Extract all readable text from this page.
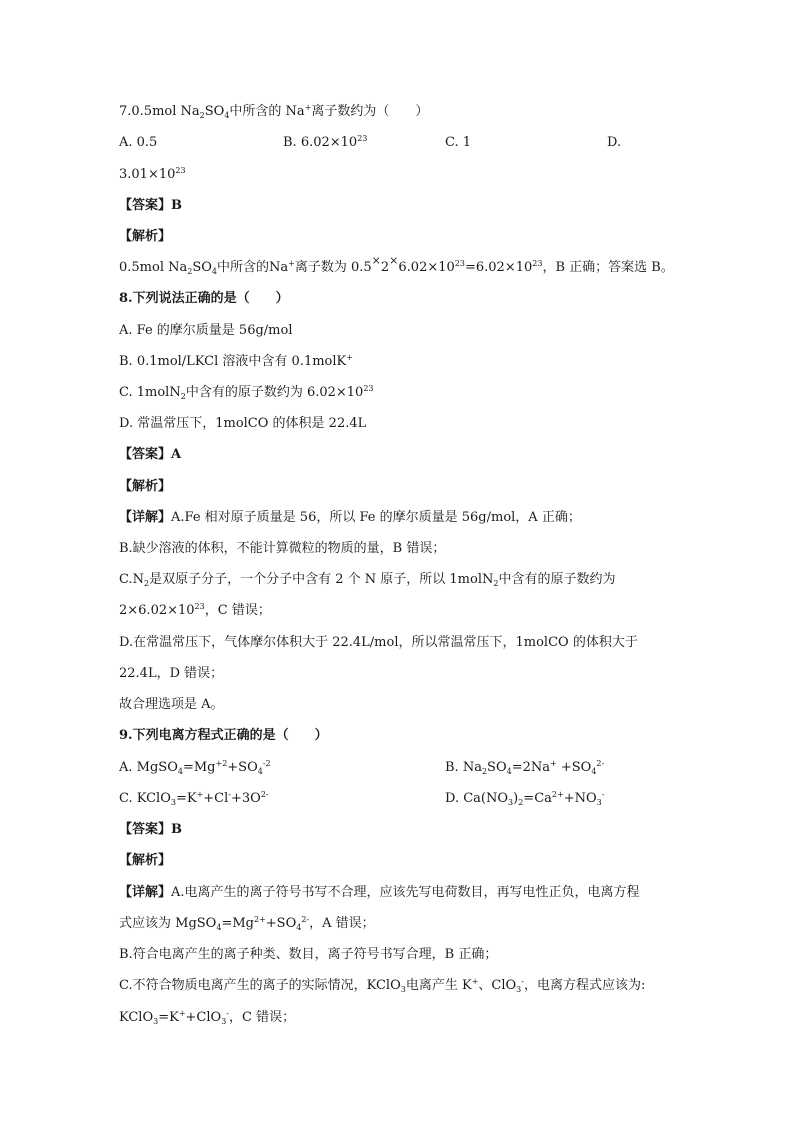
7.0.5mol $Na_2SO_4$中所含的 Na+离子数约为（　　）
A. 0.5	B. $6.02\times 10^{23}$	C. 1	D.
$3.01\times 10^{23}$
【答案】B
【解析】
0.5mol $Na_2SO_4$中所含的Na+离子数为 $0.5^\times 2^\times 6.02\times 10^{23}=6.02\times 10^{23}$，B 正确；答案选 B。
8.下列说法正确的是（　　）
A. Fe 的摩尔质量是 56g/mol
B. 0.1mol/LKCl 溶液中含有 0.1molK+
C. 1molN$_2$中含有的原子数约为 $6.02\times 10^{23}$
D. 常温常压下，1molCO 的体积是 22.4L
【答案】A
【解析】
【详解】A.Fe 相对原子质量是 56，所以 Fe 的摩尔质量是 56g/mol，A 正确；
B.缺少溶液的体积，不能计算微粒的物质的量，B 错误；
$C.N_2$是双原子分子，一个分子中含有 2 个 N 原子，所以 1molN$_2$中含有的原子数约为
$2\times 6.02\times 10^{23}$，C 错误；
D.在常温常压下，气体摩尔体积大于 22.4L/mol，所以常温常压下，1molCO 的体积大于
22.4L，D 错误；
故合理选项是 A。
9.下列电离方程式正确的是（　　）
A. $MgSO_4=Mg^{+2}+SO_4^{-2}$	B. $Na_2SO_4=2Na^+ +SO_4^{2-}$
C. $KClO_3=K^++Cl^-+3O^{2-}$	D. $Ca(NO_3)_2=Ca^{2+}+NO_3^-$
【答案】B
【解析】
【详解】A.电离产生的离子符号书写不合理，应该先写电荷数目，再写电性正负，电离方程
式应该为 $MgSO_4=Mg^{2+}+SO_4^{2-}$，A 错误；
B.符合电离产生的离子种类、数目，离子符号书写合理，B 正确；
C.不符合物质电离产生的离子的实际情况，KClO$_3$电离产生 K+、ClO$_3$-，电离方程式应该为:
KClO$_3$=K++ClO$_3$-，C 错误；
